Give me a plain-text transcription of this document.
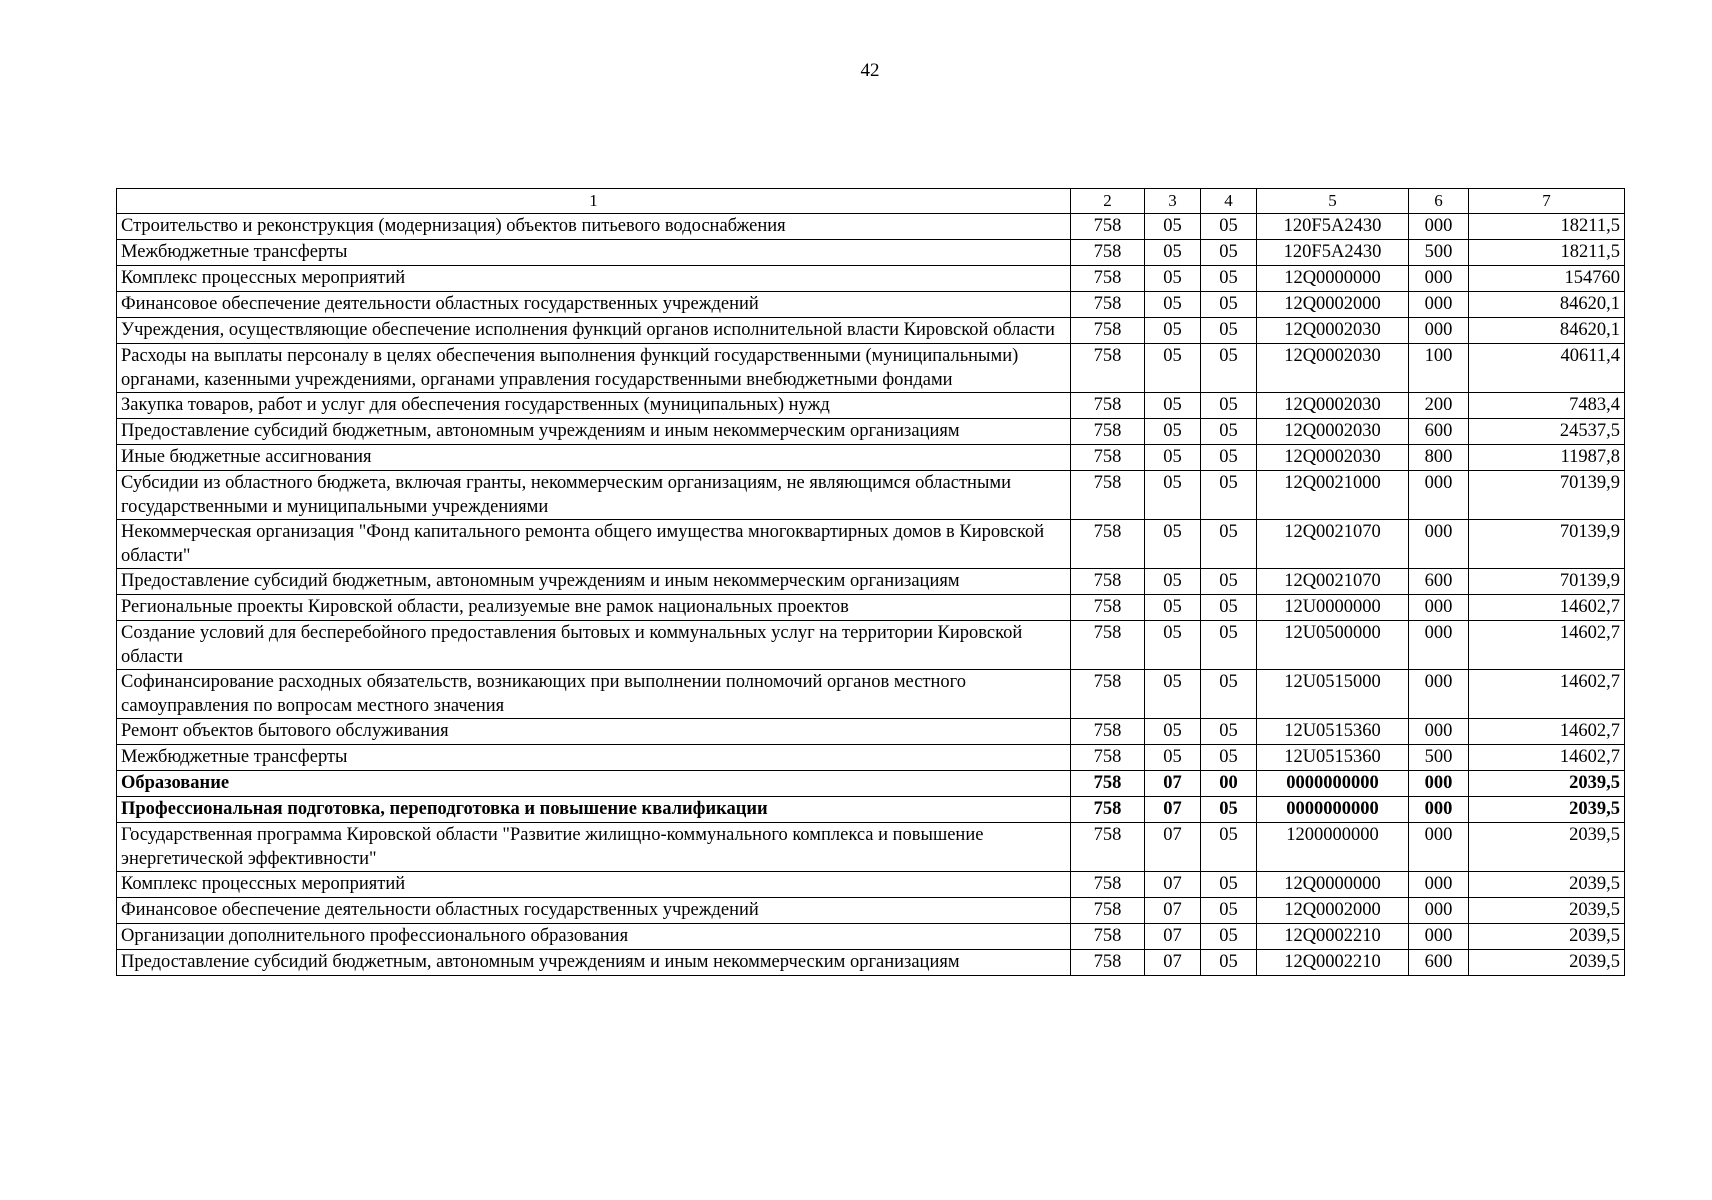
42
1	2	3	4	5	6	7
Строительство и реконструкция (модернизация) объектов питьевого водоснабжения	758	05	05	120F5A2430	000	18211,5
Межбюджетные трансферты	758	05	05	120F5A2430	500	18211,5
Комплекс процессных мероприятий	758	05	05	12Q0000000	000	154760
Финансовое обеспечение деятельности областных государственных учреждений	758	05	05	12Q0002000	000	84620,1
Учреждения, осуществляющие обеспечение исполнения функций органов исполнительной власти Кировской области	758	05	05	12Q0002030	000	84620,1
Расходы на выплаты персоналу в целях обеспечения выполнения функций государственными (муниципальными) органами, казенными учреждениями, органами управления государственными внебюджетными фондами	758	05	05	12Q0002030	100	40611,4
Закупка товаров, работ и услуг для обеспечения государственных (муниципальных) нужд	758	05	05	12Q0002030	200	7483,4
Предоставление субсидий бюджетным, автономным учреждениям и иным некоммерческим организациям	758	05	05	12Q0002030	600	24537,5
Иные бюджетные ассигнования	758	05	05	12Q0002030	800	11987,8
Субсидии из областного бюджета, включая гранты, некоммерческим организациям, не являющимся областными государственными и муниципальными учреждениями	758	05	05	12Q0021000	000	70139,9
Некоммерческая организация "Фонд капитального ремонта общего имущества многоквартирных домов в Кировской области"	758	05	05	12Q0021070	000	70139,9
Предоставление субсидий бюджетным, автономным учреждениям и иным некоммерческим организациям	758	05	05	12Q0021070	600	70139,9
Региональные проекты Кировской области, реализуемые вне рамок национальных проектов	758	05	05	12U0000000	000	14602,7
Создание условий для бесперебойного предоставления бытовых и коммунальных услуг на территории Кировской области	758	05	05	12U0500000	000	14602,7
Софинансирование расходных обязательств, возникающих при выполнении полномочий органов местного самоуправления по вопросам местного значения	758	05	05	12U0515000	000	14602,7
Ремонт объектов бытового обслуживания	758	05	05	12U0515360	000	14602,7
Межбюджетные трансферты	758	05	05	12U0515360	500	14602,7
Образование	758	07	00	0000000000	000	2039,5
Профессиональная подготовка, переподготовка и повышение квалификации	758	07	05	0000000000	000	2039,5
Государственная программа Кировской области "Развитие жилищно-коммунального комплекса и повышение энергетической эффективности"	758	07	05	1200000000	000	2039,5
Комплекс процессных мероприятий	758	07	05	12Q0000000	000	2039,5
Финансовое обеспечение деятельности областных государственных учреждений	758	07	05	12Q0002000	000	2039,5
Организации дополнительного профессионального образования	758	07	05	12Q0002210	000	2039,5
Предоставление субсидий бюджетным, автономным учреждениям и иным некоммерческим организациям	758	07	05	12Q0002210	600	2039,5
